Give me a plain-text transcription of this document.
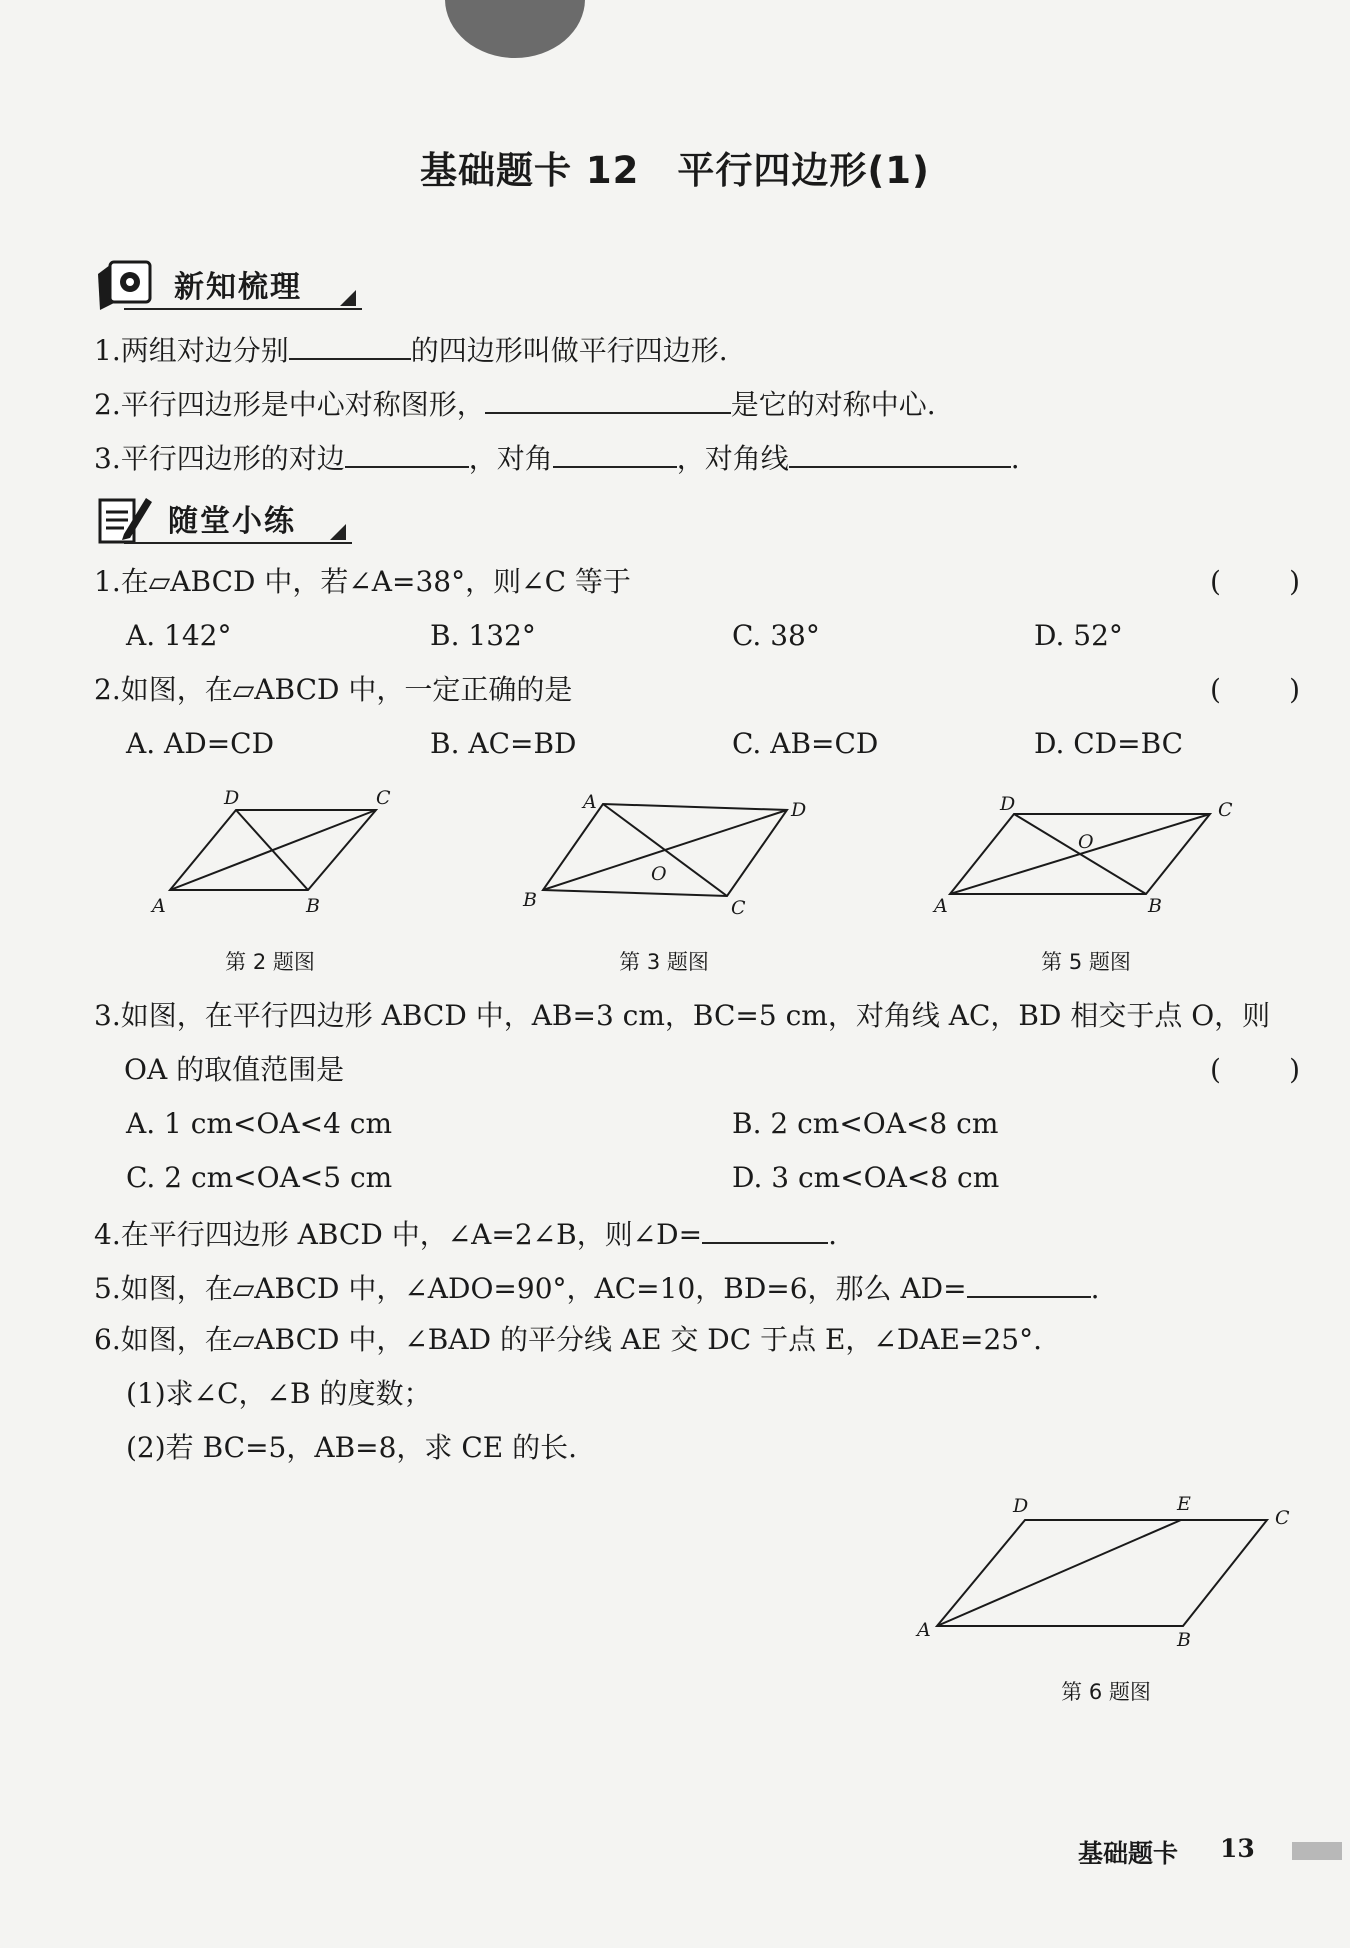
基础题卡 12　平行四边形(1)
新知梳理
1.两组对边分别	的四边形叫做平行四边形.
2.平行四边形是中心对称图形，	是它的对称中心.
3.平行四边形的对边	，对角	，对角线	.
随堂小练
1.在▱ABCD 中，若∠A=38°，则∠C 等于	( )
A. 142°	B. 132°	C. 38°	D. 52°
2.如图，在▱ABCD 中，一定正确的是	( )
A. AD=CD	B. AC=BD	C. AB=CD	D. CD=BC
A	B
C
D
第 2 题图
A
B	C
D
O
第 3 题图
A	B
C
D
O
第 5 题图
3.如图，在平行四边形 ABCD 中，AB=3 cm，BC=5 cm，对角线 AC，BD 相交于点 O，则
OA 的取值范围是	( )
A. 1 cm<OA<4 cm	B. 2 cm<OA<8 cm
C. 2 cm<OA<5 cm	D. 3 cm<OA<8 cm
4.在平行四边形 ABCD 中，∠A=2∠B，则∠D=	.
5.如图，在▱ABCD 中，∠ADO=90°，AC=10，BD=6，那么 AD=	.
6.如图，在▱ABCD 中，∠BAD 的平分线 AE 交 DC 于点 E，∠DAE=25°.
(1)求∠C，∠B 的度数；
(2)若 BC=5，AB=8，求 CE 的长.
A	B
C
D	E
第 6 题图
基础题卡 13
